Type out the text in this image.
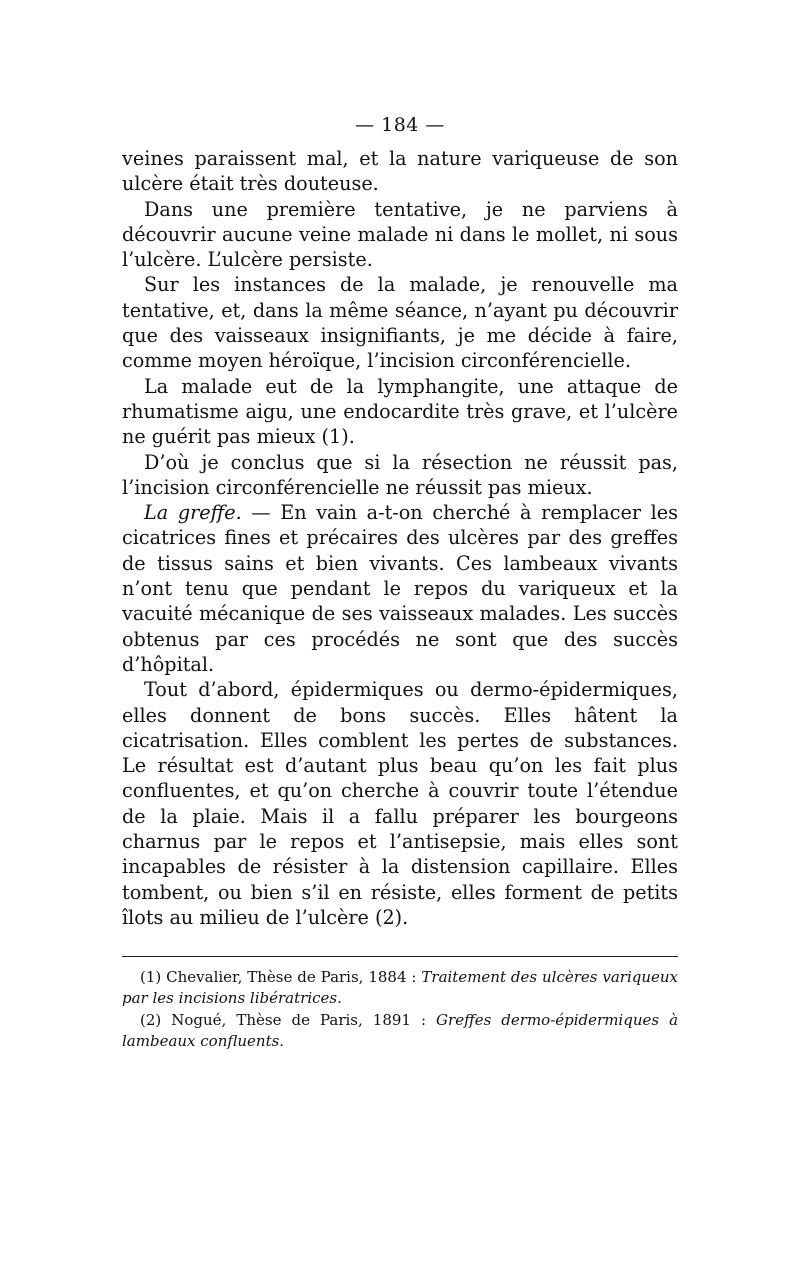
— 184 —

veines paraissent mal, et la nature variqueuse de son ulcère était très douteuse.

Dans une première tentative, je ne parviens à découvrir aucune veine malade ni dans le mollet, ni sous l’ulcère. L’ulcère persiste.

Sur les instances de la malade, je renouvelle ma tentative, et, dans la même séance, n’ayant pu découvrir que des vaisseaux insignifiants, je me décide à faire, comme moyen héroïque, l’incision circonférencielle.

La malade eut de la lymphangite, une attaque de rhumatisme aigu, une endocardite très grave, et l’ulcère ne guérit pas mieux (1).

D’où je conclus que si la résection ne réussit pas, l’incision circonférencielle ne réussit pas mieux.

La greffe. — En vain a-t-on cherché à remplacer les cicatrices fines et précaires des ulcères par des greffes de tissus sains et bien vivants. Ces lambeaux vivants n’ont tenu que pendant le repos du variqueux et la vacuité mécanique de ses vaisseaux malades. Les succès obtenus par ces procédés ne sont que des succès d’hôpital.

Tout d’abord, épidermiques ou dermo-épidermiques, elles donnent de bons succès. Elles hâtent la cicatrisation. Elles comblent les pertes de substances. Le résultat est d’autant plus beau qu’on les fait plus confluentes, et qu’on cherche à couvrir toute l’étendue de la plaie. Mais il a fallu préparer les bourgeons charnus par le repos et l’antisepsie, mais elles sont incapables de résister à la distension capillaire. Elles tombent, ou bien s’il en résiste, elles forment de petits îlots au milieu de l’ulcère (2).

(1) Chevalier, Thèse de Paris, 1884 : Traitement des ulcères variqueux par les incisions libératrices.

(2) Nogué, Thèse de Paris, 1891 : Greffes dermo-épidermiques à lambeaux confluents.
